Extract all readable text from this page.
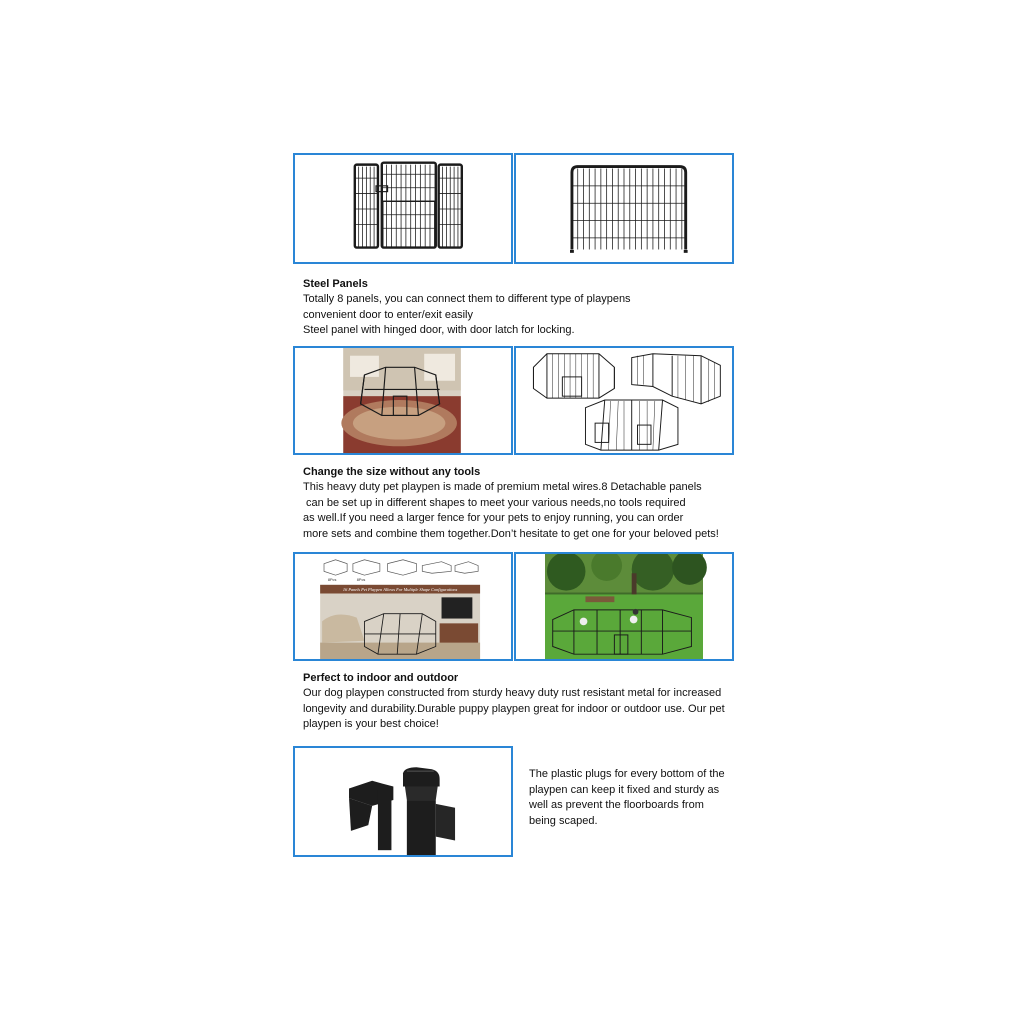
Steel Panels
Totally 8 panels, you can connect them to different type of playpens
convenient door to enter/exit easily
Steel panel with hinged door, with door latch for locking.
Change the size without any tools
This heavy duty pet playpen is made of premium metal wires.8 Detachable panels
can be set up in different shapes to meet your various needs,no tools required
as well.If you need a larger fence for your pets to enjoy running, you can order
more sets and combine them together.Don’t hesitate to get one for your beloved pets!
8Pcs	8Pcs
16 Panels Pet Playpen Allows For Multiple Shape Configurations
Perfect to indoor and outdoor
Our dog playpen constructed from sturdy heavy duty rust resistant metal for increased
longevity and durability.Durable puppy playpen great for indoor or outdoor use. Our pet
playpen is your best choice!
The plastic plugs for every bottom of the
playpen can keep it fixed and sturdy as
well as prevent the floorboards from
being scaped.
